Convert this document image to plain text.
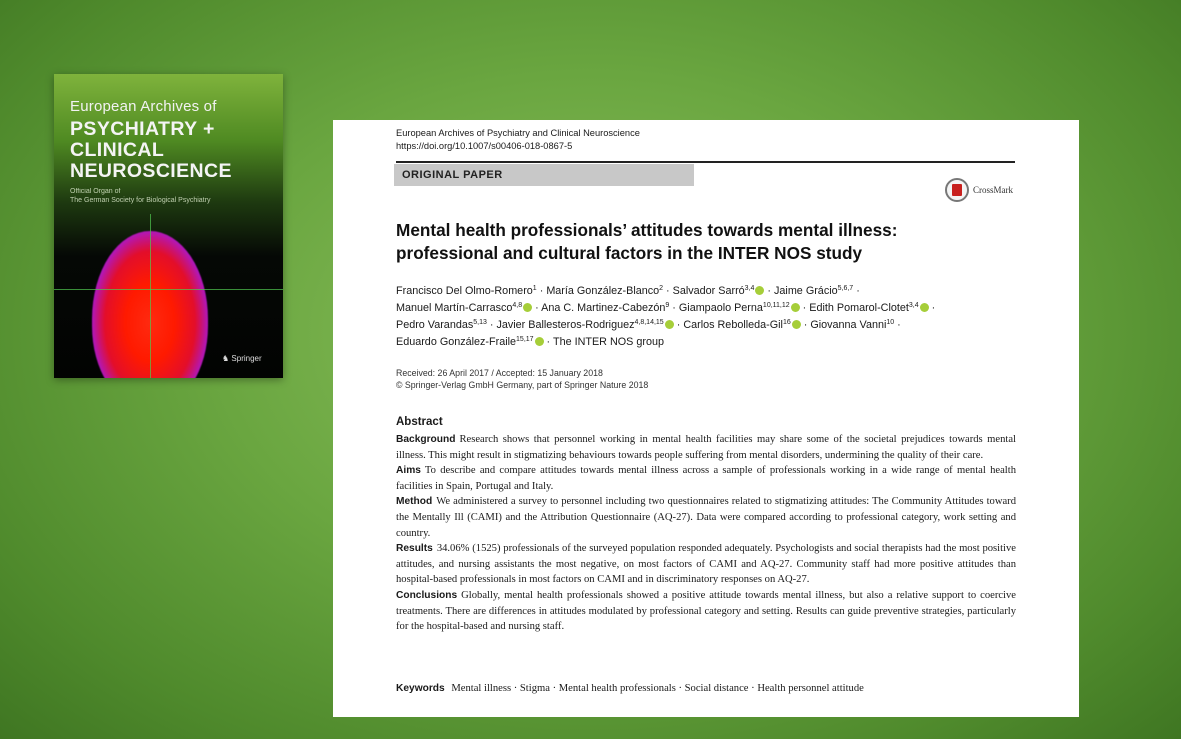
European Archives of
PSYCHIATRY +
CLINICAL
NEUROSCIENCE
Official Organ of
The German Society for Biological Psychiatry
♞ Springer
European Archives of Psychiatry and Clinical Neuroscience
https://doi.org/10.1007/s00406-018-0867-5
ORIGINAL PAPER
CrossMark
Mental health professionals’ attitudes towards mental illness:
professional and cultural factors in the INTER NOS study
Francisco Del Olmo-Romero$^1$ · María González-Blanco$^2$ · Salvador Sarró$^{3,4}$ · Jaime Grácio$^{5,6,7}$ ·
Manuel Martín-Carrasco$^{4,8}$ · Ana C. Martinez-Cabezón$^9$ · Giampaolo Perna$^{10,11,12}$ · Edith Pomarol-Clotet$^{3,4}$ ·
Pedro Varandas$^{5,13}$ · Javier Ballesteros-Rodriguez$^{4,8,14,15}$ · Carlos Rebolleda-Gil$^{16}$ · Giovanna Vanni$^{10}$ ·
Eduardo González-Fraile$^{15,17}$ · The INTER NOS group
Received: 26 April 2017 / Accepted: 15 January 2018
© Springer-Verlag GmbH Germany, part of Springer Nature 2018
Abstract

Background Research shows that personnel working in mental health facilities may share some of the societal prejudices towards mental illness. This might result in stigmatizing behaviours towards people suffering from mental disorders, undermining the quality of their care.

Aims To describe and compare attitudes towards mental illness across a sample of professionals working in a wide range of mental health facilities in Spain, Portugal and Italy.

Method We administered a survey to personnel including two questionnaires related to stigmatizing attitudes: The Community Attitudes toward the Mentally Ill (CAMI) and the Attribution Questionnaire (AQ-27). Data were compared according to professional category, work setting and country.

Results 34.06% (1525) professionals of the surveyed population responded adequately. Psychologists and social therapists had the most positive attitudes, and nursing assistants the most negative, on most factors of CAMI and AQ-27. Community staff had more positive attitudes than hospital-based professionals in most factors on CAMI and in discriminatory responses on AQ-27.

Conclusions Globally, mental health professionals showed a positive attitude towards mental illness, but also a relative support to coercive treatments. There are differences in attitudes modulated by professional category and setting. Results can guide preventive strategies, particularly for the hospital-based and nursing staff.

Keywords Mental illness · Stigma · Mental health professionals · Social distance · Health personnel attitude
